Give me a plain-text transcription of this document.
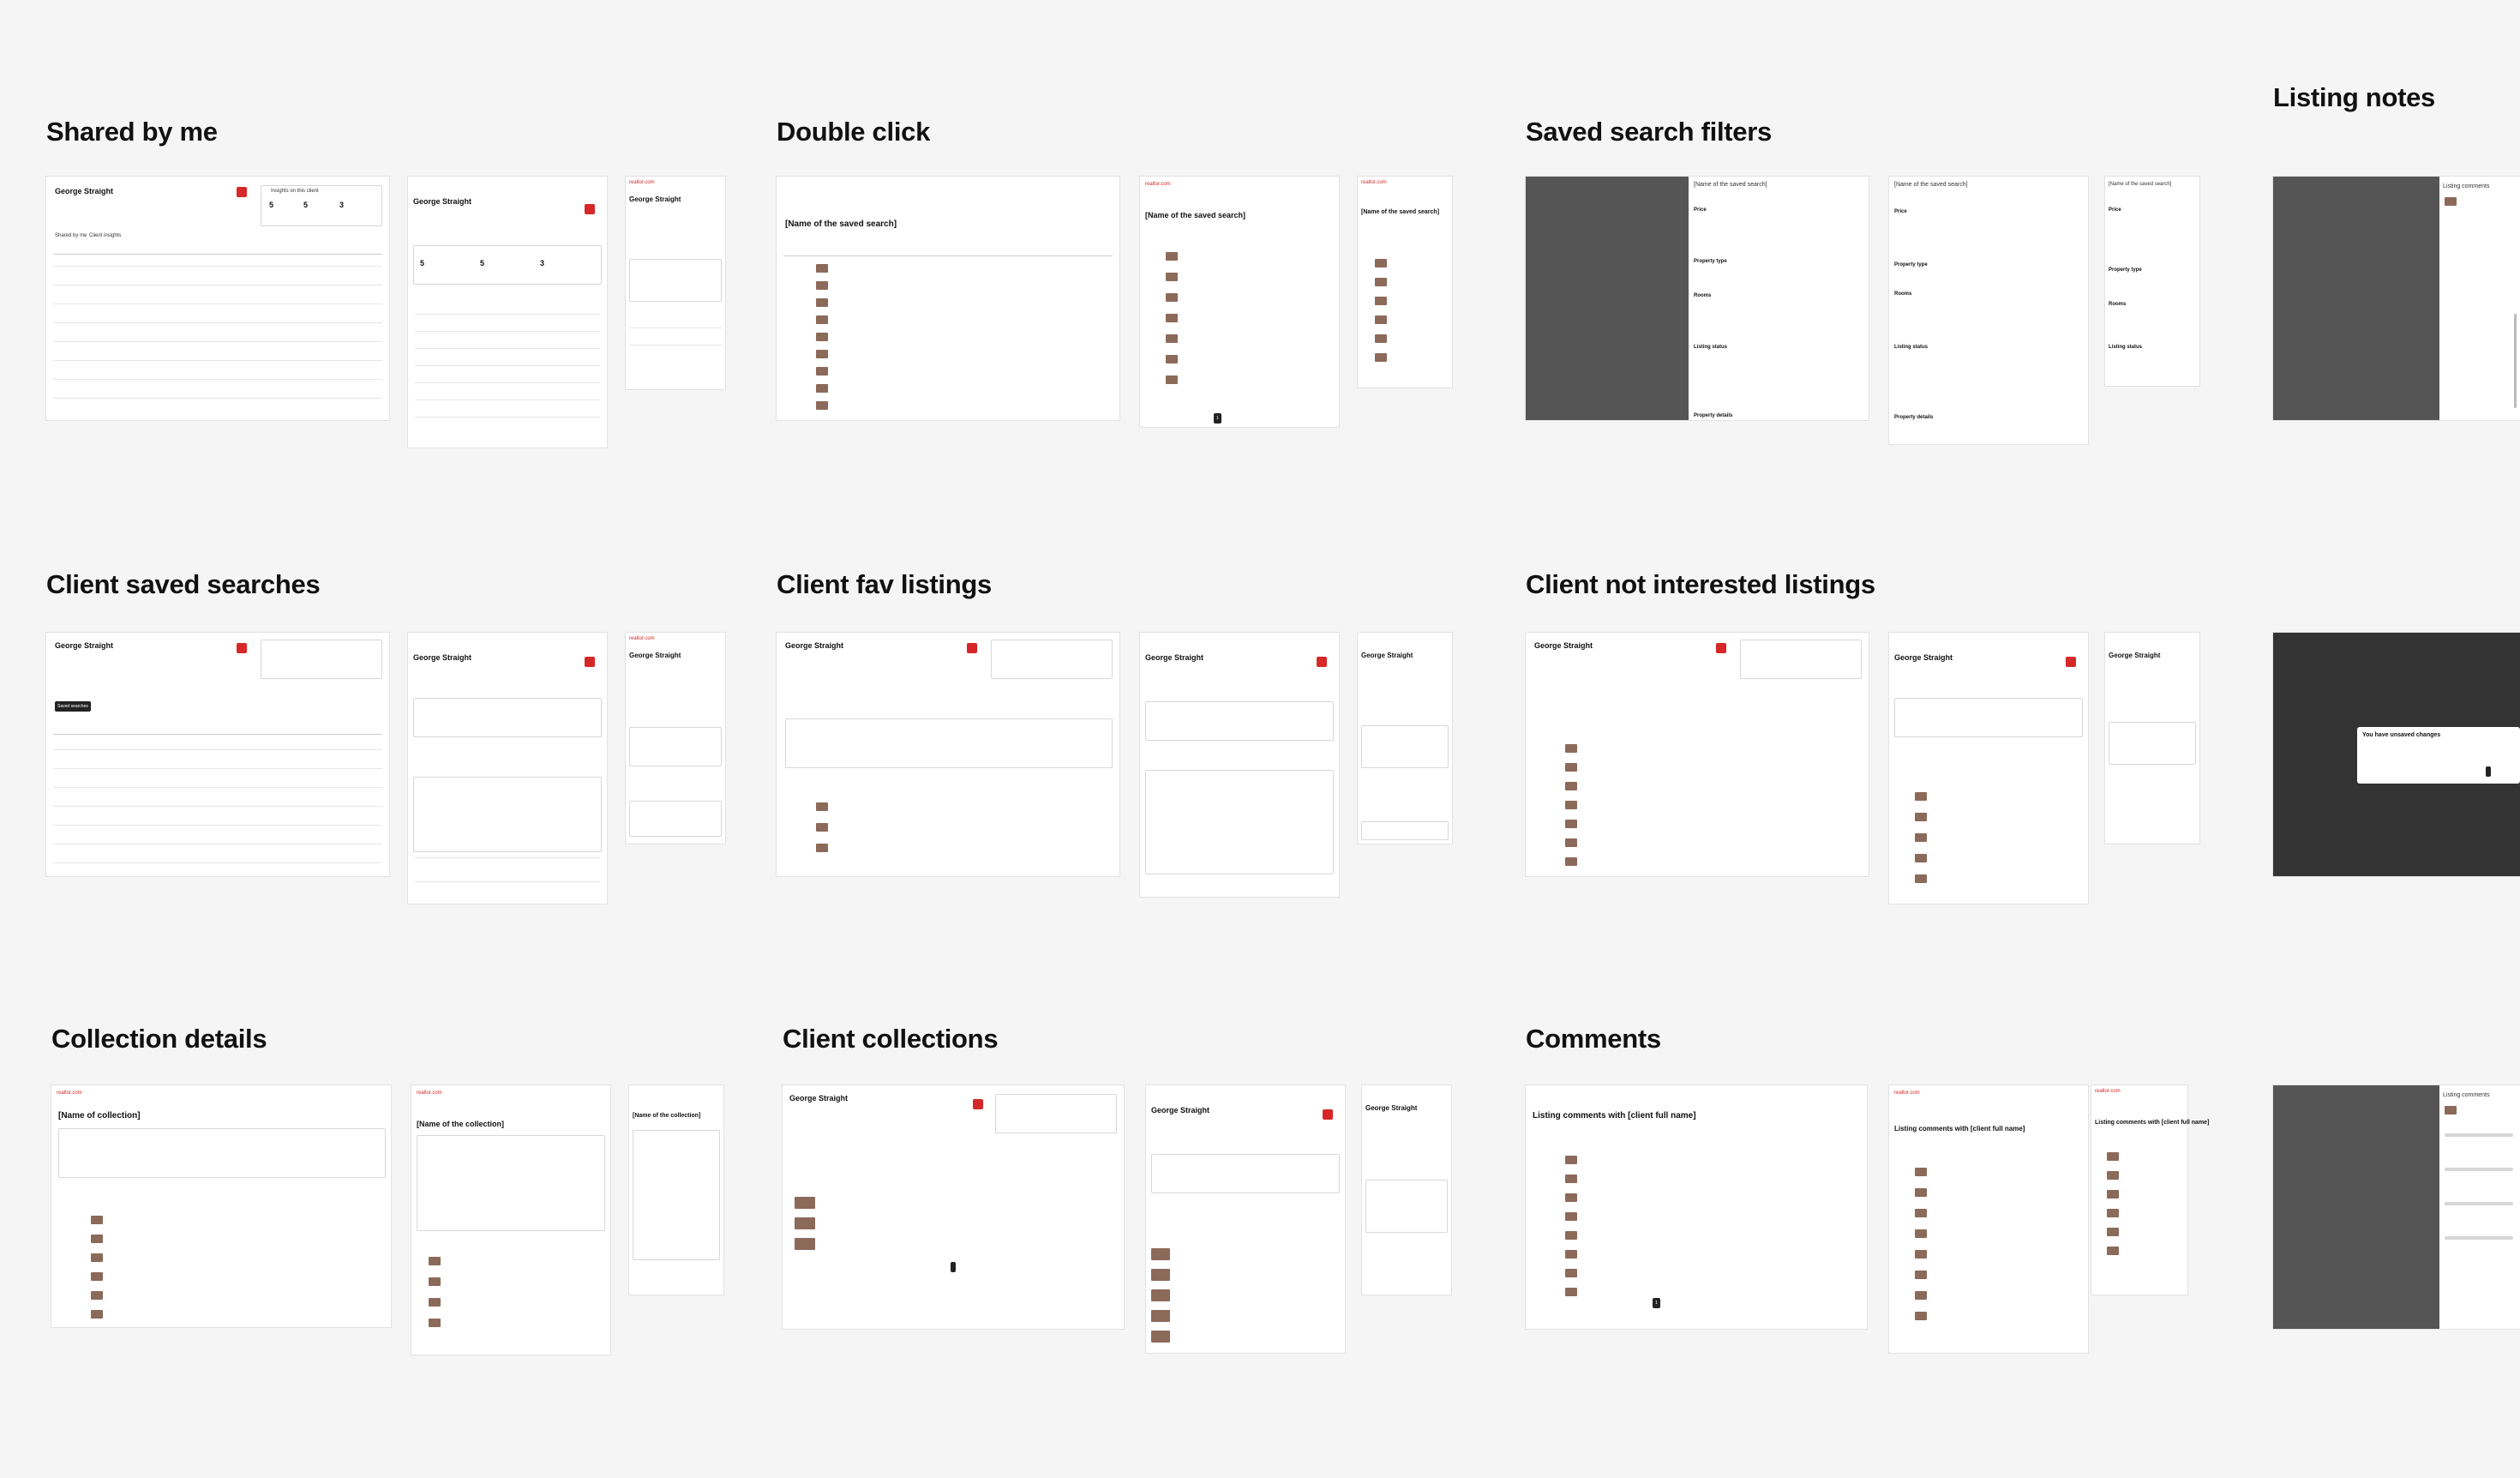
Shared by me	Double click	Saved search filters
Listing notes
Client saved searches	Client fav listings	Client not interested listings
Collection details	Client collections	Comments
George Straight	Insights on this client
5	5	3
Shared by me Client insights
George Straight
5	5	3
realtor.com
George Straight
[Name of the saved search]
realtor.com
[Name of the saved search]
1
realtor.com
[Name of the saved search]
[Name of the saved search]
Price
Property type
Rooms
Listing status
Property details
[Name of the saved search]
Price
Property type
Rooms
Listing status
Property details
[Name of the saved search]
Price
Property type
Rooms
Listing status
Listing comments
George Straight
Saved searches
George Straight
realtor.com
George Straight
George Straight
George Straight	George Straight
George Straight
George Straight	George Straight
You have unsaved changes
realtor.com
[Name of collection]
realtor.com
[Name of the collection]
[Name of the collection]
George Straight
George Straight	George Straight
Listing comments with [client full name]
1
realtor.com
Listing comments with [client full name]
realtor.com
Listing comments with [client full name]
Listing comments
